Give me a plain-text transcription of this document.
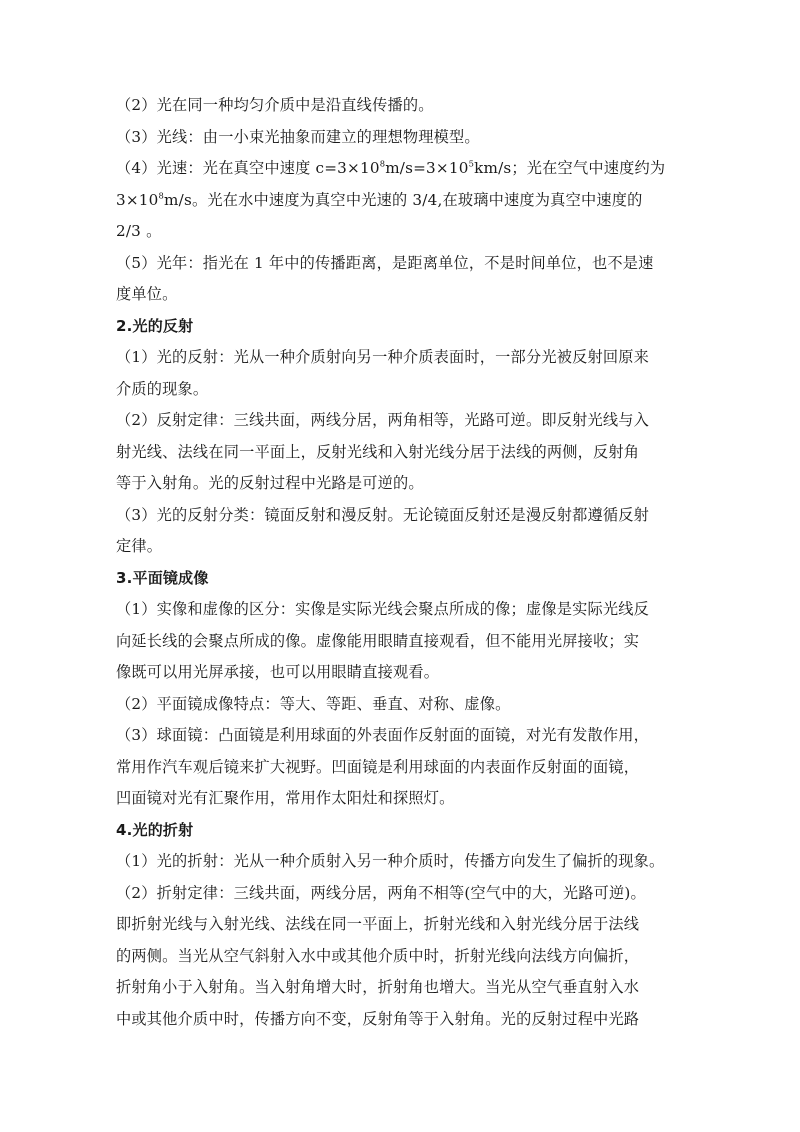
（2）光在同一种均匀介质中是沿直线传播的。
（3）光线：由一小束光抽象而建立的理想物理模型。
（4）光速：光在真空中速度 $c=3\times 10^8m/s=3\times 10^5km/s$；光在空气中速度约为
$3\times 10^8m/s$。光在水中速度为真空中光速的 3/4,在玻璃中速度为真空中速度的
2/3 。
（5）光年：指光在 1 年中的传播距离，是距离单位，不是时间单位，也不是速
度单位。
2.光的反射
（1）光的反射：光从一种介质射向另一种介质表面时，一部分光被反射回原来
介质的现象。
（2）反射定律：三线共面，两线分居，两角相等，光路可逆。即反射光线与入
射光线、法线在同一平面上，反射光线和入射光线分居于法线的两侧，反射角
等于入射角。光的反射过程中光路是可逆的。
（3）光的反射分类：镜面反射和漫反射。无论镜面反射还是漫反射都遵循反射
定律。
3.平面镜成像
（1）实像和虚像的区分：实像是实际光线会聚点所成的像；虚像是实际光线反
向延长线的会聚点所成的像。虚像能用眼睛直接观看，但不能用光屏接收；实
像既可以用光屏承接，也可以用眼睛直接观看。
（2）平面镜成像特点：等大、等距、垂直、对称、虚像。
（3）球面镜：凸面镜是利用球面的外表面作反射面的面镜，对光有发散作用，
常用作汽车观后镜来扩大视野。凹面镜是利用球面的内表面作反射面的面镜，
凹面镜对光有汇聚作用，常用作太阳灶和探照灯。
4.光的折射
（1）光的折射：光从一种介质射入另一种介质时，传播方向发生了偏折的现象。
（2）折射定律：三线共面，两线分居，两角不相等(空气中的大，光路可逆)。
即折射光线与入射光线、法线在同一平面上，折射光线和入射光线分居于法线
的两侧。当光从空气斜射入水中或其他介质中时，折射光线向法线方向偏折，
折射角小于入射角。当入射角增大时，折射角也增大。当光从空气垂直射入水
中或其他介质中时，传播方向不变，反射角等于入射角。光的反射过程中光路
